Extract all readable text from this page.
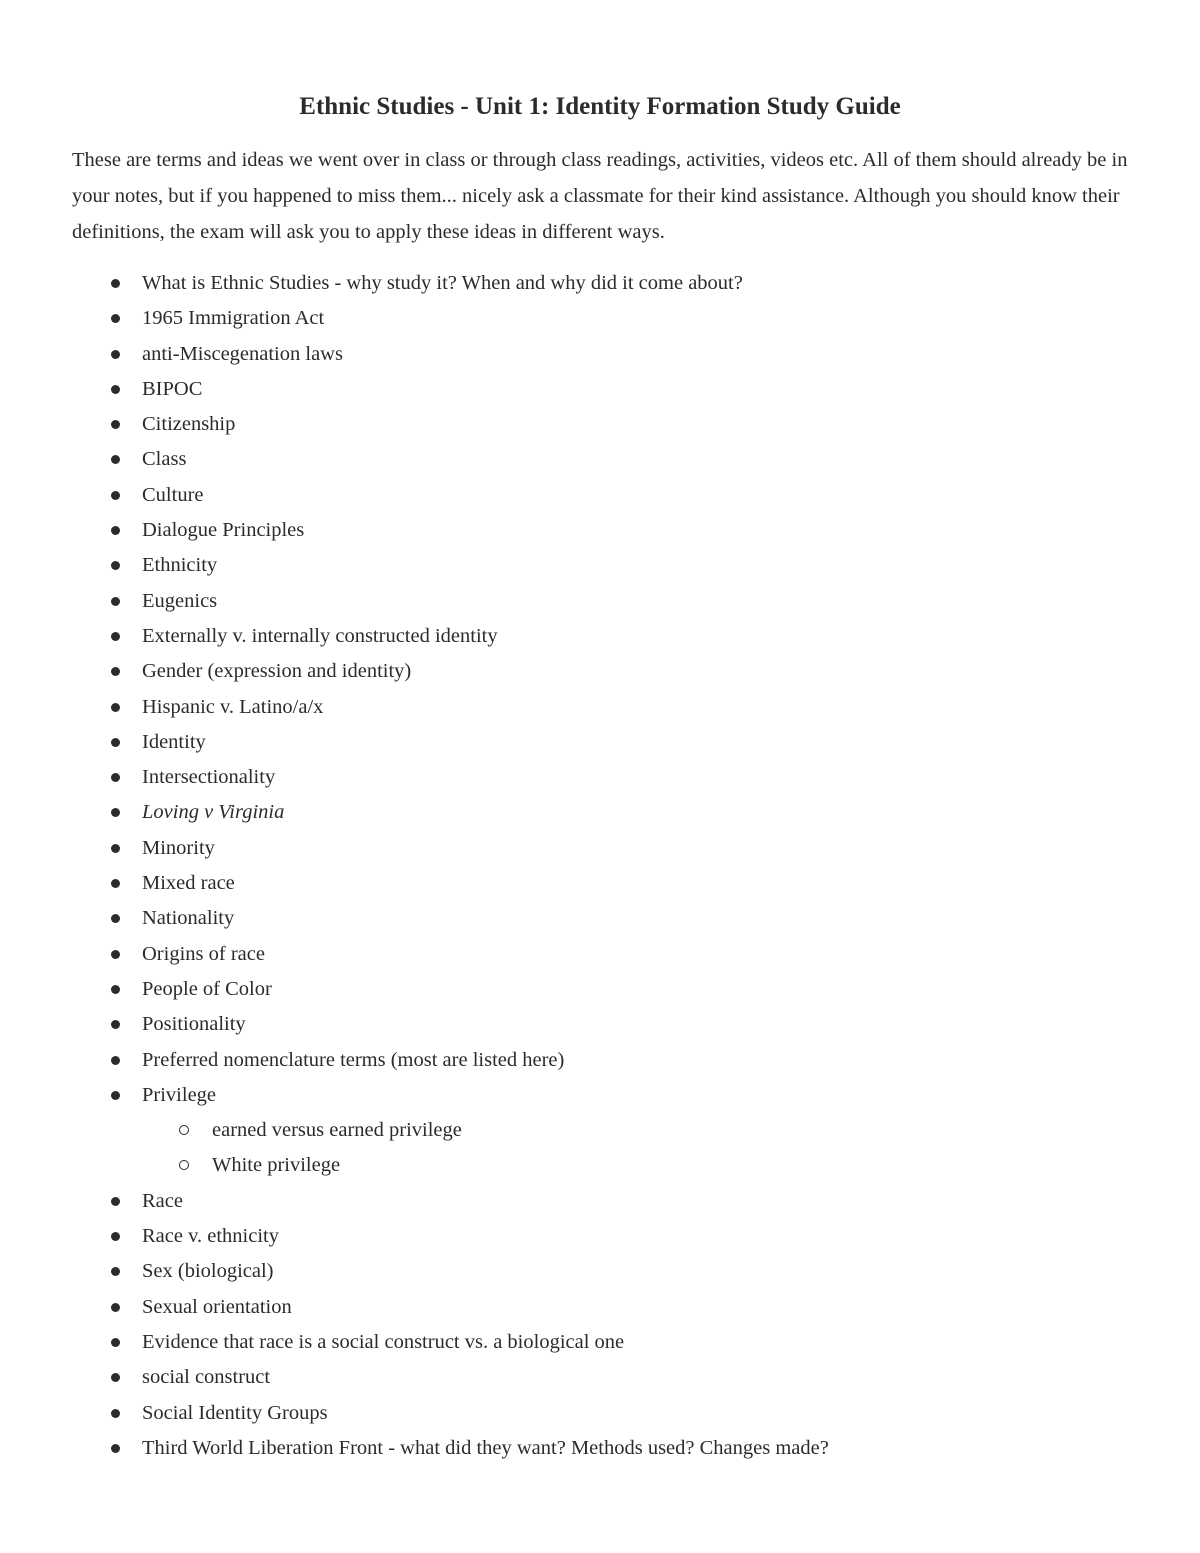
Ethnic Studies - Unit 1: Identity Formation Study Guide

These are terms and ideas we went over in class or through class readings, activities, videos etc. All of them should already be in your notes, but if you happened to miss them... nicely ask a classmate for their kind assistance. Although you should know their definitions, the exam will ask you to apply these ideas in different ways.

What is Ethnic Studies - why study it? When and why did it come about?
1965 Immigration Act
anti-Miscegenation laws
BIPOC
Citizenship
Class
Culture
Dialogue Principles
Ethnicity
Eugenics
Externally v. internally constructed identity
Gender (expression and identity)
Hispanic v. Latino/a/x
Identity
Intersectionality
Loving v Virginia
Minority
Mixed race
Nationality
Origins of race
People of Color
Positionality
Preferred nomenclature terms (most are listed here)
Privilege
earned versus earned privilege
White privilege
Race
Race v. ethnicity
Sex (biological)
Sexual orientation
Evidence that race is a social construct vs. a biological one
social construct
Social Identity Groups
Third World Liberation Front - what did they want? Methods used? Changes made?
